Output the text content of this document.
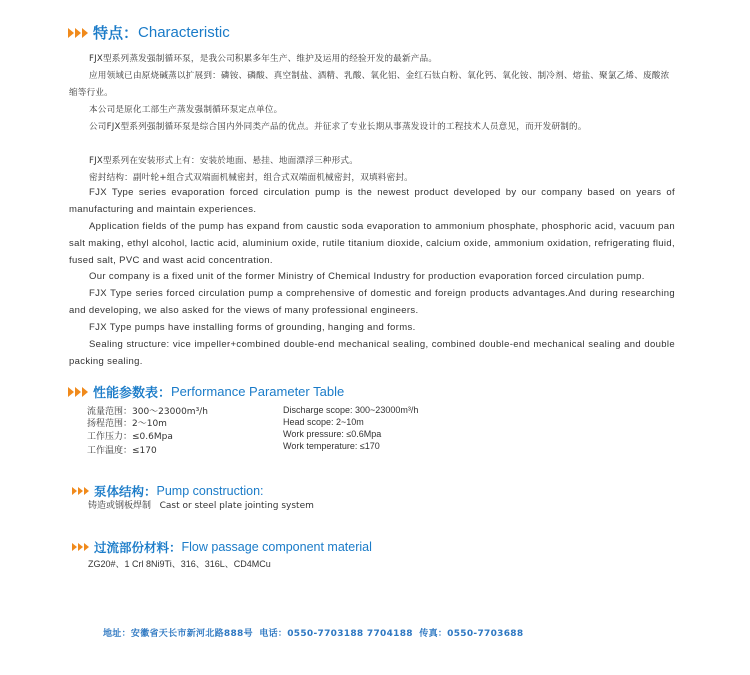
特点： Characteristic

FJX型系列蒸发强制循环泵，是我公司积累多年生产、维护及运用的经验开发的最新产品。

应用领域已由原烧碱蒸以扩展到：磷铵、磷酸、真空制盐、酒精、乳酸、氧化铝、金红石钛白粉、氧化钙、氧化铵、制冷剂、熔盐、聚氯乙烯、废酸浓缩等行业。

本公司是原化工部生产蒸发强制循环泵定点单位。

公司FJX型系列强制循环泵是综合国内外同类产品的优点。并征求了专业长期从事蒸发设计的工程技术人员意见，而开发研制的。

FJX型系列在安装形式上有：安装於地面、悬挂、地面漂浮三种形式。

密封结构：副叶轮+组合式双端面机械密封，组合式双端面机械密封，双填料密封。

FJX Type series evaporation forced circulation pump is the newest product developed by our company based on years of manufacturing and maintain experiences.

Application fields of the pump has expand from caustic soda evaporation to ammonium phosphate, phosphoric acid, vacuum pan salt making, ethyl alcohol, lactic acid, aluminium oxide, rutile titanium dioxide, calcium oxide, ammonium oxidation, refrigerating fluid, fused salt, PVC and wast acid concentration.

Our company is a fixed unit of the former Ministry of Chemical Industry for production evaporation forced circulation pump.

FJX Type series forced circulation pump a comprehensive of domestic and foreign products advantages.And during researching and developing, we also asked for the views of many professional engineers.

FJX Type pumps have installing forms of grounding, hanging and forms.

Sealing structure: vice impeller+combined double-end mechanical sealing, combined double-end mechanical sealing and double packing sealing.

性能参数表： Performance Parameter Table
流量范围：300～23000m³/h
扬程范围：2～10m
工作压力：≤0.6Mpa
工作温度：≤170
Discharge scope: 300~23000m³/h
Head scope: 2~10m
Work pressure: ≤0.6Mpa
Work temperature: ≤170
泵体结构： Pump construction:
铸造或钢板焊制   Cast or steel plate jointing system
过流部份材料： Flow passage component material
ZG20#、1 Crl 8Ni9Ti、316、316L、CD4MCu
地址：安徽省天长市新河北路888号 电话：0550-7703188 7704188 传真：0550-7703688
